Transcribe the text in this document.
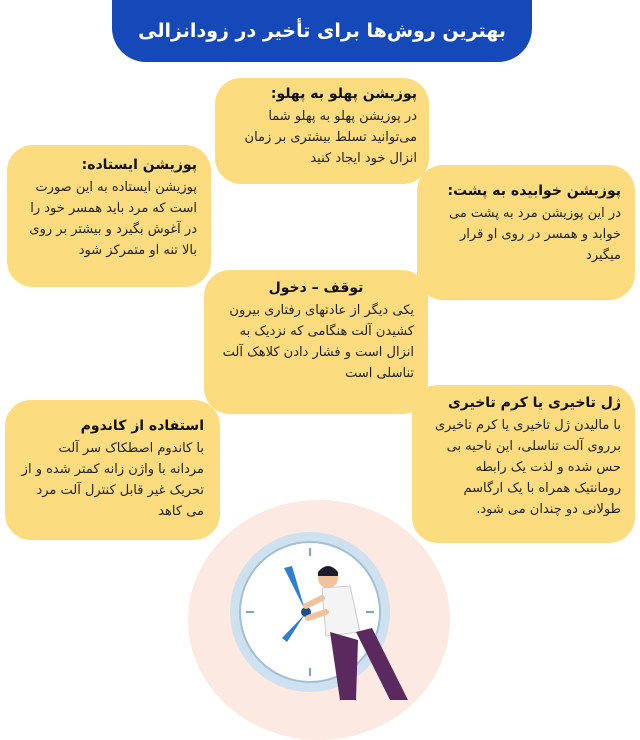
بهترین روش‌ها برای تأخیر در زودانزالی
پوزیشن پهلو به پهلو:
در پوزیشن پهلو به پهلو شما می‌توانید تسلط بیشتری بر زمان انزال خود ایجاد کنید
پوزیشن ایستاده:
پوزیشن ایستاده به این صورت است که مرد باید همسر خود را در آغوش بگیرد و بیشتر بر روی بالا تنه او متمرکز شود
پوزیشن خوابیده به پشت:
در این پوزیشن مرد به پشت می خوابد و همسر در روی او قرار میگیرد
توقف – دخول
یکی دیگر از عادتهای رفتاری بیرون کشیدن آلت هنگامی که نزدیک به انزال است و فشار دادن کلاهک آلت تناسلی است
استفاده از کاندوم
با کاندوم اصطکاک سر آلت مردانه با واژن زانه کمتر شده و از تحریک غیر قابل کنترل آلت مرد می کاهد
ژل تاخیری یا کرم تاخیری
با مالیدن ژل تاخیری یا کرم تاخیری برروی آلت تناسلی، این ناحیه بی حس شده و لذت یک رابطه رومانتیک همراه با یک ارگاسم طولانی دو چندان می شود.
